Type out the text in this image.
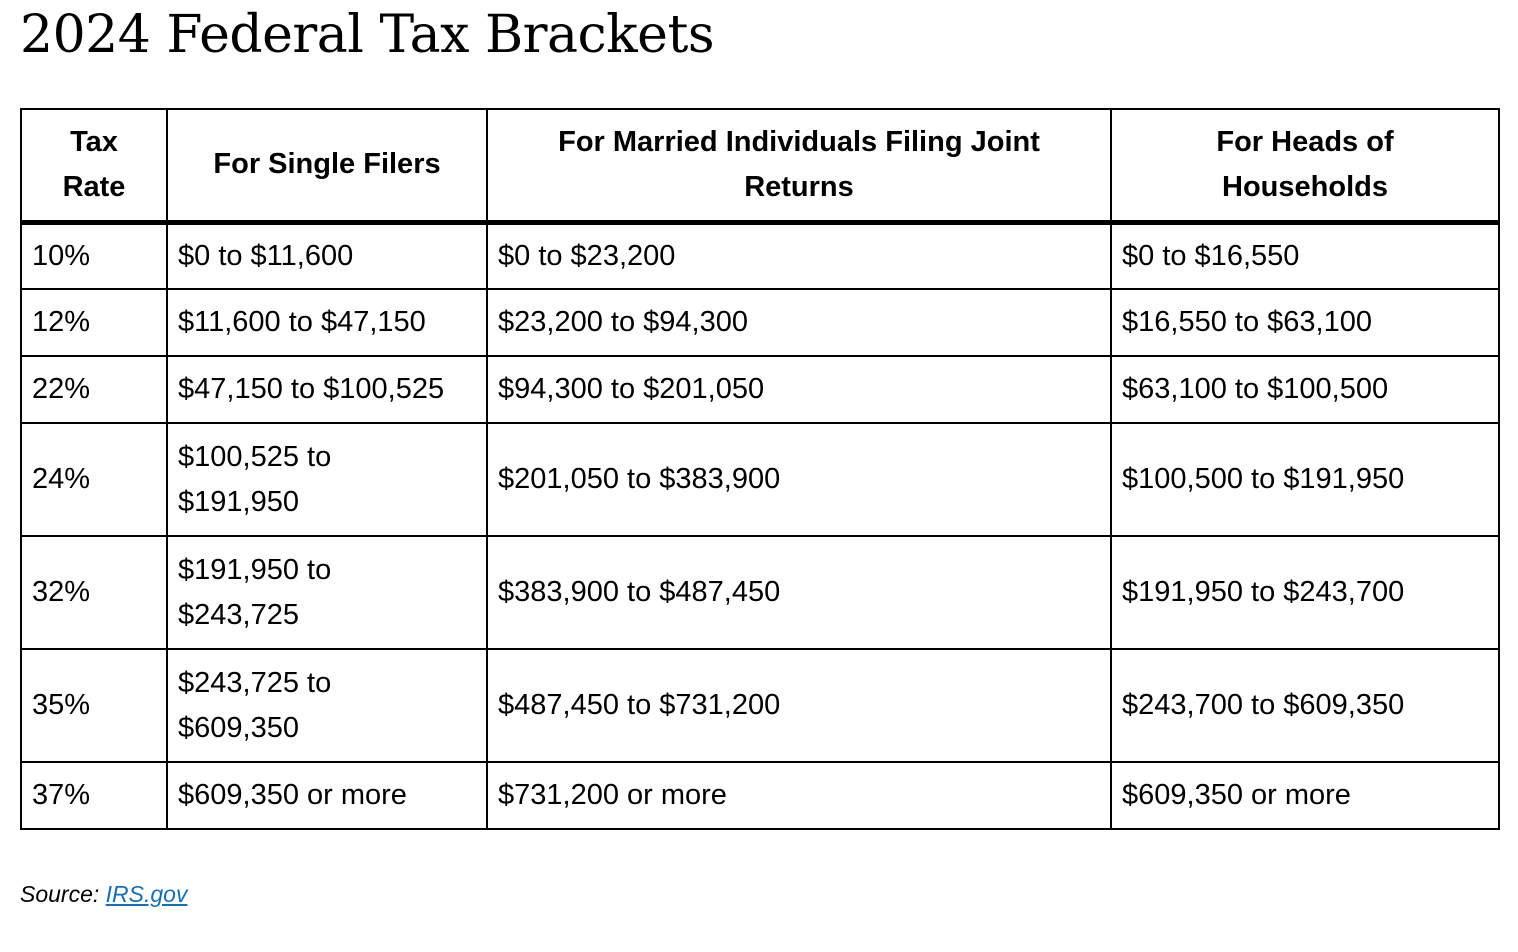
2024 Federal Tax Brackets
Tax Rate	For Single Filers	For Married Individuals Filing Joint Returns	For Heads of Households
10%	$0 to $11,600	$0 to $23,200	$0 to $16,550
12%	$11,600 to $47,150	$23,200 to $94,300	$16,550 to $63,100
22%	$47,150 to $100,525	$94,300 to $201,050	$63,100 to $100,500
24%	$100,525 to $191,950	$201,050 to $383,900	$100,500 to $191,950
32%	$191,950 to $243,725	$383,900 to $487,450	$191,950 to $243,700
35%	$243,725 to $609,350	$487,450 to $731,200	$243,700 to $609,350
37%	$609,350 or more	$731,200 or more	$609,350 or more
Source: IRS.gov
